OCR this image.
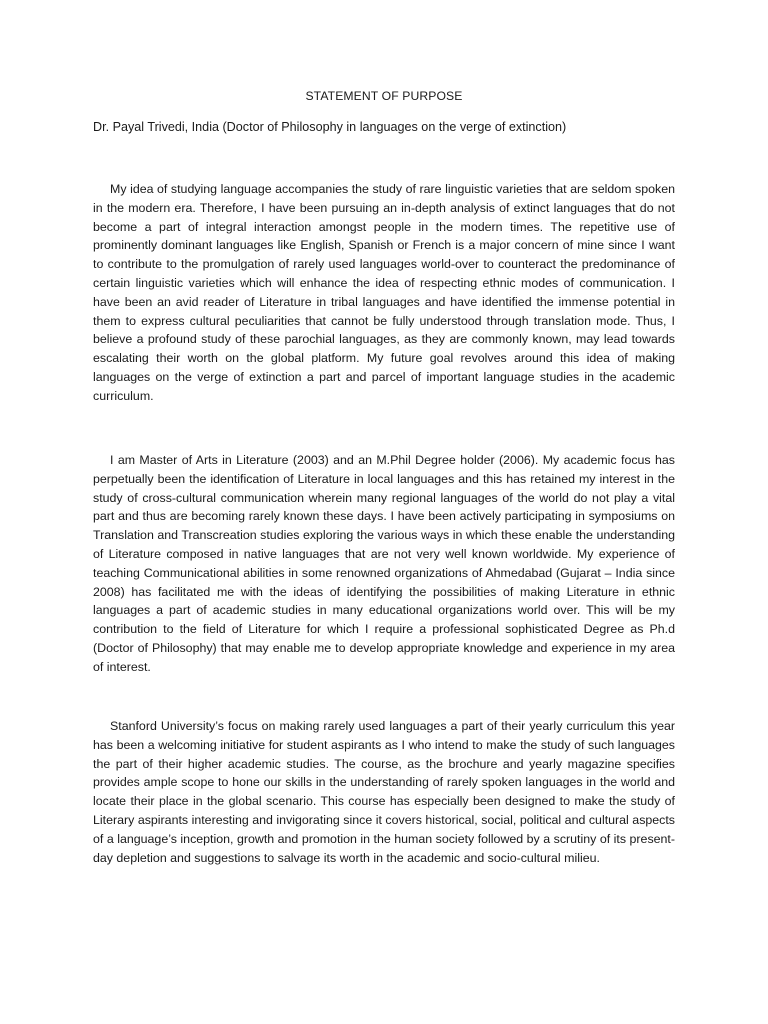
STATEMENT OF PURPOSE
Dr. Payal Trivedi, India (Doctor of Philosophy in languages on the verge of extinction)

My idea of studying language accompanies the study of rare linguistic varieties that are seldom spoken in the modern era. Therefore, I have been pursuing an in-depth analysis of extinct languages that do not become a part of integral interaction amongst people in the modern times. The repetitive use of prominently dominant languages like English, Spanish or French is a major concern of mine since I want to contribute to the promulgation of rarely used languages world-over to counteract the predominance of certain linguistic varieties which will enhance the idea of respecting ethnic modes of communication. I have been an avid reader of Literature in tribal languages and have identified the immense potential in them to express cultural peculiarities that cannot be fully understood through translation mode. Thus, I believe a profound study of these parochial languages, as they are commonly known, may lead towards escalating their worth on the global platform. My future goal revolves around this idea of making languages on the verge of extinction a part and parcel of important language studies in the academic curriculum.

I am Master of Arts in Literature (2003) and an M.Phil Degree holder (2006). My academic focus has perpetually been the identification of Literature in local languages and this has retained my interest in the study of cross-cultural communication wherein many regional languages of the world do not play a vital part and thus are becoming rarely known these days. I have been actively participating in symposiums on Translation and Transcreation studies exploring the various ways in which these enable the understanding of Literature composed in native languages that are not very well known worldwide. My experience of teaching Communicational abilities in some renowned organizations of Ahmedabad (Gujarat – India since 2008) has facilitated me with the ideas of identifying the possibilities of making Literature in ethnic languages a part of academic studies in many educational organizations world over. This will be my contribution to the field of Literature for which I require a professional sophisticated Degree as Ph.d (Doctor of Philosophy) that may enable me to develop appropriate knowledge and experience in my area of interest.

Stanford University’s focus on making rarely used languages a part of their yearly curriculum this year has been a welcoming initiative for student aspirants as I who intend to make the study of such languages the part of their higher academic studies. The course, as the brochure and yearly magazine specifies provides ample scope to hone our skills in the understanding of rarely spoken languages in the world and locate their place in the global scenario. This course has especially been designed to make the study of Literary aspirants interesting and invigorating since it covers historical, social, political and cultural aspects of a language’s inception, growth and promotion in the human society followed by a scrutiny of its present-day depletion and suggestions to salvage its worth in the academic and socio-cultural milieu.
